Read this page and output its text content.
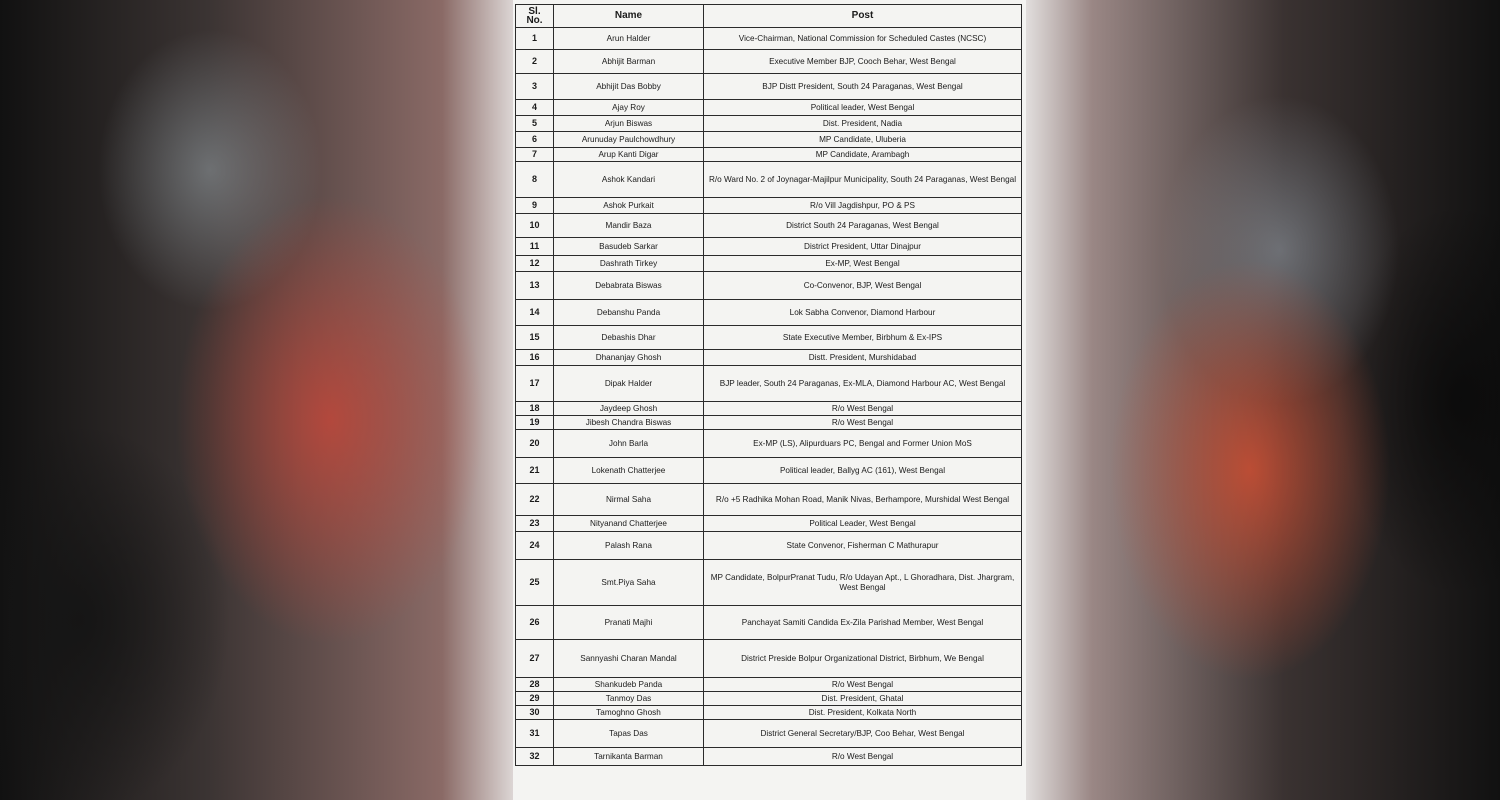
Sl. No.	Name	Post
1	Arun Halder	Vice-Chairman, National Commission for Scheduled Castes (NCSC)
2	Abhijit Barman	Executive Member BJP, Cooch Behar, West Bengal
3	Abhijit Das Bobby	BJP Distt President, South 24 Paraganas, West Bengal
4	Ajay Roy	Political leader, West Bengal
5	Arjun Biswas	Dist. President, Nadia
6	Arunuday Paulchowdhury	MP Candidate, Uluberia
7	Arup Kanti Digar	MP Candidate, Arambagh
8	Ashok Kandari	R/o Ward No. 2 of Joynagar-Majilpur Municipality, South 24 Paraganas, West Bengal
9	Ashok Purkait	R/o Vill Jagdishpur, PO & PS
10	Mandir Baza	District South 24 Paraganas, West Bengal
11	Basudeb Sarkar	District President, Uttar Dinajpur
12	Dashrath Tirkey	Ex-MP, West Bengal
13	Debabrata Biswas	Co-Convenor, BJP, West Bengal
14	Debanshu Panda	Lok Sabha Convenor, Diamond Harbour
15	Debashis Dhar	State Executive Member, Birbhum & Ex-IPS
16	Dhananjay Ghosh	Distt. President, Murshidabad
17	Dipak Halder	BJP leader, South 24 Paraganas, Ex-MLA, Diamond Harbour AC, West Bengal
18	Jaydeep Ghosh	R/o West Bengal
19	Jibesh Chandra Biswas	R/o West Bengal
20	John Barla	Ex-MP (LS), Alipurduars PC, Bengal and Former Union MoS
21	Lokenath Chatterjee	Political leader, Ballyg AC (161), West Bengal
22	Nirmal Saha	R/o +5 Radhika Mohan Road, Manik Nivas, Berhampore, Murshidal West Bengal
23	Nityanand Chatterjee	Political Leader, West Bengal
24	Palash Rana	State Convenor, Fisherman C Mathurapur
25	Smt.Piya Saha	MP Candidate, BolpurPranat Tudu, R/o Udayan Apt., L Ghoradhara, Dist. Jhargram, West Bengal
26	Pranati Majhi	Panchayat Samiti Candida Ex-Zila Parishad Member, West Bengal
27	Sannyashi Charan Mandal	District Preside Bolpur Organizational District, Birbhum, We Bengal
28	Shankudeb Panda	R/o West Bengal
29	Tanmoy Das	Dist. President, Ghatal
30	Tamoghno Ghosh	Dist. President, Kolkata North
31	Tapas Das	District General Secretary/BJP, Coo Behar, West Bengal
32	Tarnikanta Barman	R/o West Bengal
